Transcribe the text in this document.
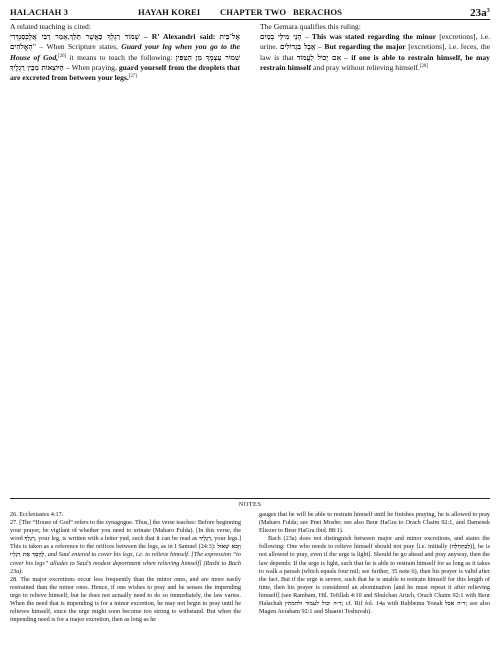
HALACHAH 3	HAYAH KOREI CHAPTER TWO BERACHOS	$23a^3$

A related teaching is cited:

שְׁמוֹר רַגְלְךָ כַּאֲשֶׁר תֵּלֵךְ,אָמַר רַבִּי אֲלֶכְּסַנְדְּרִי	– R’ Alexandri said: אֶל־בֵּית הָאֱלֹהִים” – When Scripture states, Guard your leg when you go to the House of God,[26] it means to teach the following: שְׁמוֹר עַצְמְךָ מִן הַטִּפִּין הַיּוֹצְאוֹת מִבֵּין רַגְלֶיךָ – When praying, guard yourself from the droplets that are excreted from between your legs.[27]

The Gemara qualifies this ruling:

הָנֵי מִילֵּי בְּמַיִם – This was stated regarding the minor [excretions], i.e. urine. אֲבָל בִּגְדוֹלִים – But regarding the major [excretions], i.e. feces, the law is that אִם יָכוֹל לַעֲמוֹד – if one is able to restrain himself, he may restrain himself and pray without relieving himself.[28]

NOTES

26. Ecclesiastes 4:17.

27. [The “House of God” refers to the synagogue. Thus,] the verse teaches: Before beginning your prayer, be vigilant of whether you need to urinate (Maharo Fulda). [In this verse, the word רַגְלְךָ, your leg, is written with a letter yud, such that it can be read as רַגְלֶיךָ, your legs.] This is taken as a reference to the orifices between the legs, as in I Samuel (24:3): וַיָּבֹא שָׁאוּל לְהָסֵךְ אֶת רַגְלָיו, and Saul entered to cover his legs, i.e. to relieve himself. [The expression “to cover his legs” alludes to Saul’s modest deportment when relieving himself] (Rashi to Bach 23a).

28. The major excretions occur less frequently than the minor ones, and are more easily restrained than the minor ones. Hence, if one wishes to pray and he senses the impending urge to relieve himself, but he does not actually need to do so immediately, the law varies. When the need that is impending is for a minor excretion, he may not begin to pray until he relieves himself, since the urge might soon become too strong to withstand. But when the impending need is for a major excretion, then as long as he

gauges that he will be able to restrain himself until he finishes praying, he is allowed to pray (Maharo Fulda; see Pnei Moshe; see also Beur HaGra to Orach Chaim 92:1, and Damesek Eliezer to Beur HaGra ibid. 88:1).

Bach (23a) does not distinguish between major and minor excretions, and states the following: One who needs to relieve himself should not pray [i.e. initially (לְכַתְּחִלָּה)], he is not allowed to pray, even if the urge is light]. Should he go ahead and pray anyway, then the law depends: If the urge is light, such that he is able to restrain himself for as long as it takes to walk a parsah (which equals four mil; see further, 35 note 6), then his prayer is valid after the fact. But if the urge is severe, such that he is unable to restrain himself for this length of time, then his prayer is considered an abomination [and he must repeat it after relieving himself] (see Rambam, Hil. Tefillah 4:10 and Shulchan Aruch, Orach Chaim 92:1 with Beur Halachah ד״ה יכול לעמוד ולהמתין; cf. Rif fol. 14a with Rabbeinu Yonah ד״ה אבל; see also Magen Avraham 92:1 and Shaarei Teshuvah).
